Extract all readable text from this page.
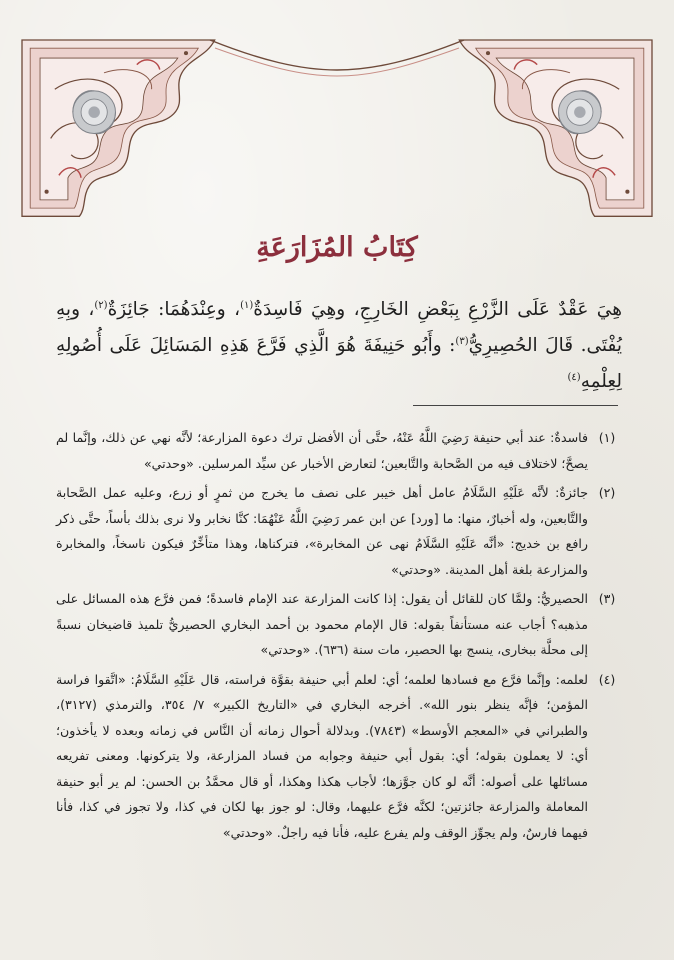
كِتَابُ المُزَارَعَةِ
هِيَ عَقْدٌ عَلَى الزَّرْعِ بِبَعْضِ الخَارِجِ، وهِيَ فَاسِدَةٌ$^{(١)}$، وعِنْدَهُمَا: جَائِزَةٌ$^{(٢)}$، وبِهِ يُفْتَى. قَالَ الحُصِيرِيُّ$^{(٣)}$: وأَبُو حَنِيفَةَ هُوَ الَّذِي فَرَّعَ هَذِهِ المَسَائِلَ عَلَى أُصُولِهِ لِعِلْمِهِ$^{(٤)}$
(١)

فاسدةٌ: عند أبي حنيفة رَضِيَ اللَّهُ عَنْهُ، حتَّى أن الأفضل ترك دعوة المزارعة؛ لأنَّه نهي عن ذلك، وإنَّما لم يصحَّ؛ لاختلاف فيه من الصَّحابة والتَّابعين؛ لتعارض الأخبار عن سيِّد المرسلين. «وحدتي»

(٢)

جائزةٌ: لأنَّه عَلَيْهِ السَّلَامُ عامل أهل خيبر على نصف ما يخرج من ثمرٍ أو زرع، وعليه عمل الصَّحابة والتَّابعين، وله أخبارٌ، منها: ما [ورد] عن ابن عمر رَضِيَ اللَّهُ عَنْهُمَا: كنَّا نخابر ولا نرى بذلك بأساً، حتَّى ذكر رافع بن خديج: «أنَّه عَلَيْهِ السَّلَامُ نهى عن المخابرة»، فتركناها، وهذا متأخِّرٌ فيكون ناسخاً، والمخابرة والمزارعة بلغة أهل المدينة. «وحدتي»

(٣)

الحصيريُّ: ولمَّا كان للقائل أن يقول: إذا كانت المزارعة عند الإمام فاسدةً؛ فمن فرَّع هذه المسائل على مذهبه؟ أجاب عنه مستأنفاً بقوله: قال الإمام محمود بن أحمد البخاري الحصيريُّ تلميذ قاضيخان نسبةً إلى محلَّة ببخارى، ينسج بها الحصير، مات سنة (٦٣٦). «وحدتي»

(٤)

لعلمه: وإنَّما فرَّع مع فسادها لعلمه؛ أي: لعلم أبي حنيفة بقوَّة فراسته، قال عَلَيْهِ السَّلَامُ: «اتَّقوا فراسة المؤمن؛ فإنَّه ينظر بنور الله». أخرجه البخاري في «التاريخ الكبير» ٧/ ٣٥٤، والترمذي (٣١٢٧)، والطبراني في «المعجم الأوسط» (٧٨٤٣). وبدلالة أحوال زمانه أن النَّاس في زمانه وبعده لا يأخذون؛ أي: لا يعملون بقوله؛ أي: بقول أبي حنيفة وجوابه من فساد المزارعة، ولا يتركونها. ومعنى تفريعه مسائلها على أصوله: أنَّه لو كان جوَّزها؛ لأجاب هكذا وهكذا، أو قال محمَّدُ بن الحسن: لم ير أبو حنيفة المعاملة والمزارعة جائزتين؛ لكنَّه فرَّع عليهما، وقال: لو جوز بها لكان في كذا، ولا تجوز في كذا، فأنا فيهما فارسٌ، ولم يجوِّز الوقف ولم يفرع عليه، فأنا فيه راجلٌ. «وحدتي»
